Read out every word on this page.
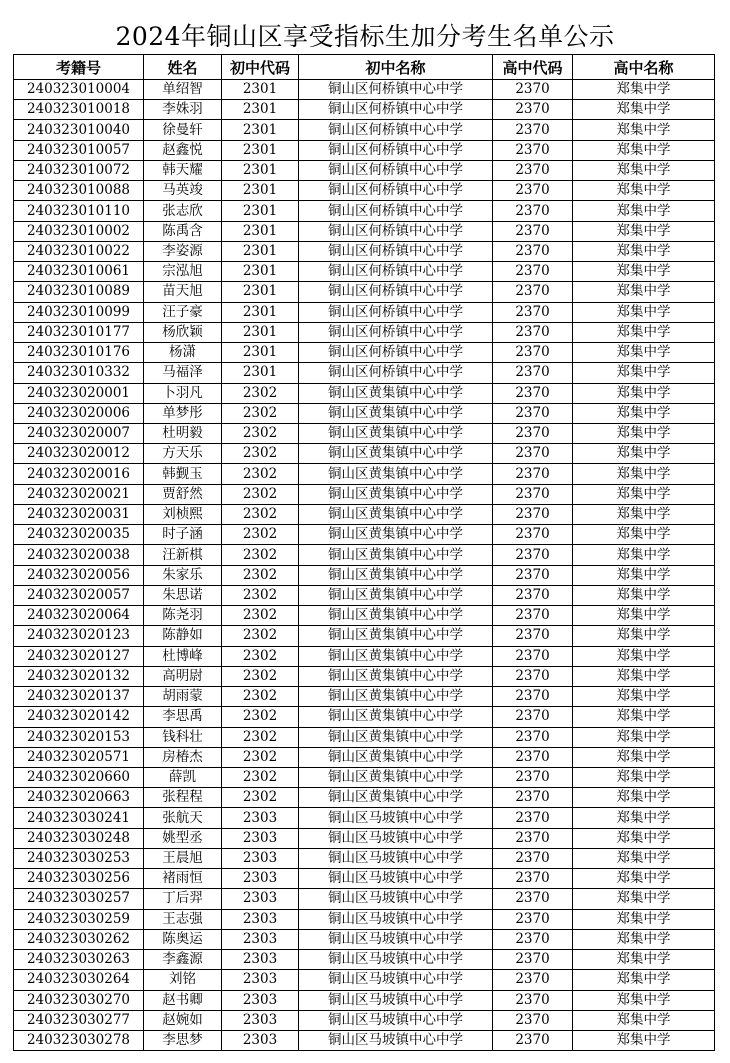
2024年铜山区享受指标生加分考生名单公示
考籍号	姓名	初中代码	初中名称	高中代码	高中名称
240323010004	单绍智	2301	铜山区何桥镇中心中学	2370	郑集中学
240323010018	李姝羽	2301	铜山区何桥镇中心中学	2370	郑集中学
240323010040	徐曼轩	2301	铜山区何桥镇中心中学	2370	郑集中学
240323010057	赵鑫悦	2301	铜山区何桥镇中心中学	2370	郑集中学
240323010072	韩天耀	2301	铜山区何桥镇中心中学	2370	郑集中学
240323010088	马英竣	2301	铜山区何桥镇中心中学	2370	郑集中学
240323010110	张志欣	2301	铜山区何桥镇中心中学	2370	郑集中学
240323010002	陈禹含	2301	铜山区何桥镇中心中学	2370	郑集中学
240323010022	李姿源	2301	铜山区何桥镇中心中学	2370	郑集中学
240323010061	宗泓旭	2301	铜山区何桥镇中心中学	2370	郑集中学
240323010089	苗天旭	2301	铜山区何桥镇中心中学	2370	郑集中学
240323010099	汪子豪	2301	铜山区何桥镇中心中学	2370	郑集中学
240323010177	杨欣颖	2301	铜山区何桥镇中心中学	2370	郑集中学
240323010176	杨潇	2301	铜山区何桥镇中心中学	2370	郑集中学
240323010332	马福泽	2301	铜山区何桥镇中心中学	2370	郑集中学
240323020001	卜羽凡	2302	铜山区黄集镇中心中学	2370	郑集中学
240323020006	单梦彤	2302	铜山区黄集镇中心中学	2370	郑集中学
240323020007	杜明毅	2302	铜山区黄集镇中心中学	2370	郑集中学
240323020012	方天乐	2302	铜山区黄集镇中心中学	2370	郑集中学
240323020016	韩觐玉	2302	铜山区黄集镇中心中学	2370	郑集中学
240323020021	贾舒然	2302	铜山区黄集镇中心中学	2370	郑集中学
240323020031	刘桢熙	2302	铜山区黄集镇中心中学	2370	郑集中学
240323020035	时子涵	2302	铜山区黄集镇中心中学	2370	郑集中学
240323020038	汪新棋	2302	铜山区黄集镇中心中学	2370	郑集中学
240323020056	朱家乐	2302	铜山区黄集镇中心中学	2370	郑集中学
240323020057	朱思诺	2302	铜山区黄集镇中心中学	2370	郑集中学
240323020064	陈尧羽	2302	铜山区黄集镇中心中学	2370	郑集中学
240323020123	陈静如	2302	铜山区黄集镇中心中学	2370	郑集中学
240323020127	杜博峰	2302	铜山区黄集镇中心中学	2370	郑集中学
240323020132	高明尉	2302	铜山区黄集镇中心中学	2370	郑集中学
240323020137	胡雨蒙	2302	铜山区黄集镇中心中学	2370	郑集中学
240323020142	李思禹	2302	铜山区黄集镇中心中学	2370	郑集中学
240323020153	钱科壮	2302	铜山区黄集镇中心中学	2370	郑集中学
240323020571	房椿杰	2302	铜山区黄集镇中心中学	2370	郑集中学
240323020660	薛凯	2302	铜山区黄集镇中心中学	2370	郑集中学
240323020663	张程程	2302	铜山区黄集镇中心中学	2370	郑集中学
240323030241	张航天	2303	铜山区马坡镇中心中学	2370	郑集中学
240323030248	姚型丞	2303	铜山区马坡镇中心中学	2370	郑集中学
240323030253	王晨旭	2303	铜山区马坡镇中心中学	2370	郑集中学
240323030256	褚雨恒	2303	铜山区马坡镇中心中学	2370	郑集中学
240323030257	丁后羿	2303	铜山区马坡镇中心中学	2370	郑集中学
240323030259	王志强	2303	铜山区马坡镇中心中学	2370	郑集中学
240323030262	陈奥运	2303	铜山区马坡镇中心中学	2370	郑集中学
240323030263	李鑫源	2303	铜山区马坡镇中心中学	2370	郑集中学
240323030264	刘铭	2303	铜山区马坡镇中心中学	2370	郑集中学
240323030270	赵书卿	2303	铜山区马坡镇中心中学	2370	郑集中学
240323030277	赵婉如	2303	铜山区马坡镇中心中学	2370	郑集中学
240323030278	李思梦	2303	铜山区马坡镇中心中学	2370	郑集中学
